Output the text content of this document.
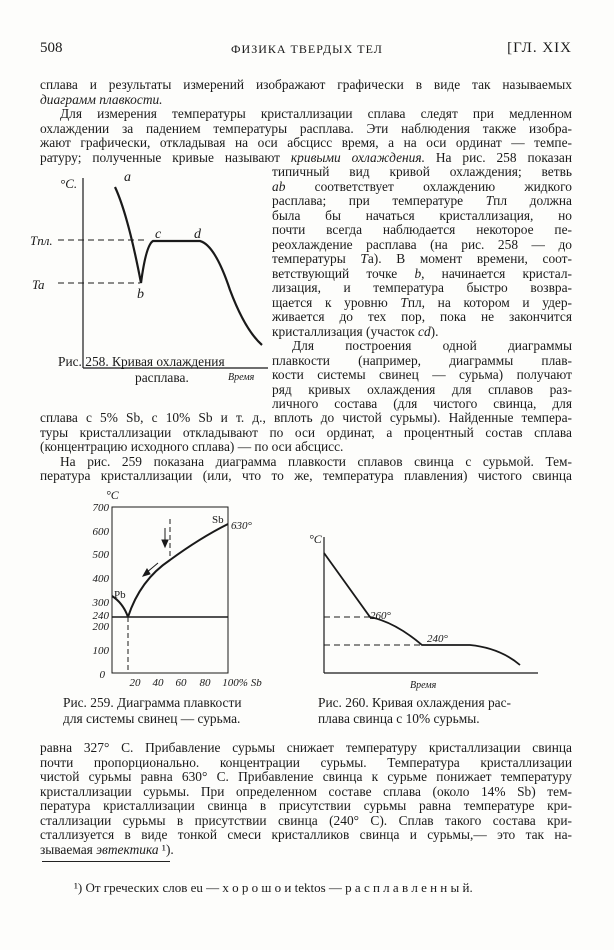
508	ФИЗИКА ТВЕРДЫХ ТЕЛ	[ГЛ. XIX
сплава и результаты измерений изображают графически в виде так называемых
диаграмм плавкости.
Для измерения температуры кристаллизации сплава следят при медленном
охлаждении за падением температуры расплава. Эти наблюдения также изобра-
жают графически, откладывая на оси абсцисс время, а на оси ординат — темпе-
ратуру; полученные кривые называют кривыми охлаждения. На рис. 258 показан
типичный вид кривой охлаждения; ветвь
ab соответствует охлаждению жидкого
расплава; при температуре Tпл должна
была бы начаться кристаллизация, но
почти всегда наблюдается некоторое пе-
реохлаждение расплава (на рис. 258 — до
температуры Ta). В момент времени, соот-
ветствующий точке b, начинается кристал-
лизация, и температура быстро возвра-
щается к уровню Tпл, на котором и удер-
живается до тех пор, пока не закончится
кристаллизация (участок cd).
Для построения одной диаграммы
плавкости (например, диаграммы плав-
кости системы свинец — сурьма) получают
ряд кривых охлаждения для сплавов раз-
личного состава (для чистого свинца, для
сплава с 5% Sb, с 10% Sb и т. д., вплоть до чистой сурьмы). Найденные темпера-
туры кристаллизации откладывают по оси ординат, а процентный состав сплава
(концентрацию исходного сплава) — по оси абсцисс.
На рис. 259 показана диаграмма плавкости сплавов свинца с сурьмой. Тем-
пература кристаллизации (или, что то же, температура плавления) чистого свинца
равна 327° С. Прибавление сурьмы снижает температуру кристаллизации свинца
почти пропорционально. концентрации сурьмы. Температура кристаллизации
чистой сурьмы равна 630° С. Прибавление свинца к сурьме понижает температуру
кристаллизации сурьмы. При определенном составе сплава (около 14% Sb) тем-
пература кристаллизации свинца в присутствии сурьмы равна температуре кри-
сталлизации сурьмы в присутствии свинца (240° С). Сплав такого состава кри-
сталлизуется в виде тонкой смеси кристалликов свинца и сурьмы,— это так на-
зываемая эвтектика ¹).
¹) От греческих слов eu — х о р о ш о и tektos — р а с п л а в л е н н ы й.
Рис. 258. Кривая охлаждения
расплава.
Рис. 259. Диаграмма плавкости
для системы свинец — сурьма.
Рис. 260. Кривая охлаждения рас-
плава свинца с 10% сурьмы.
°C.	a
b
c d
Tпл.
Ta
Время
°C
700
600
500
400
300
240
200
100
0
20 40 60 80 100% Sb
Pb
Sb 630°
°C
260°
240°
Время
